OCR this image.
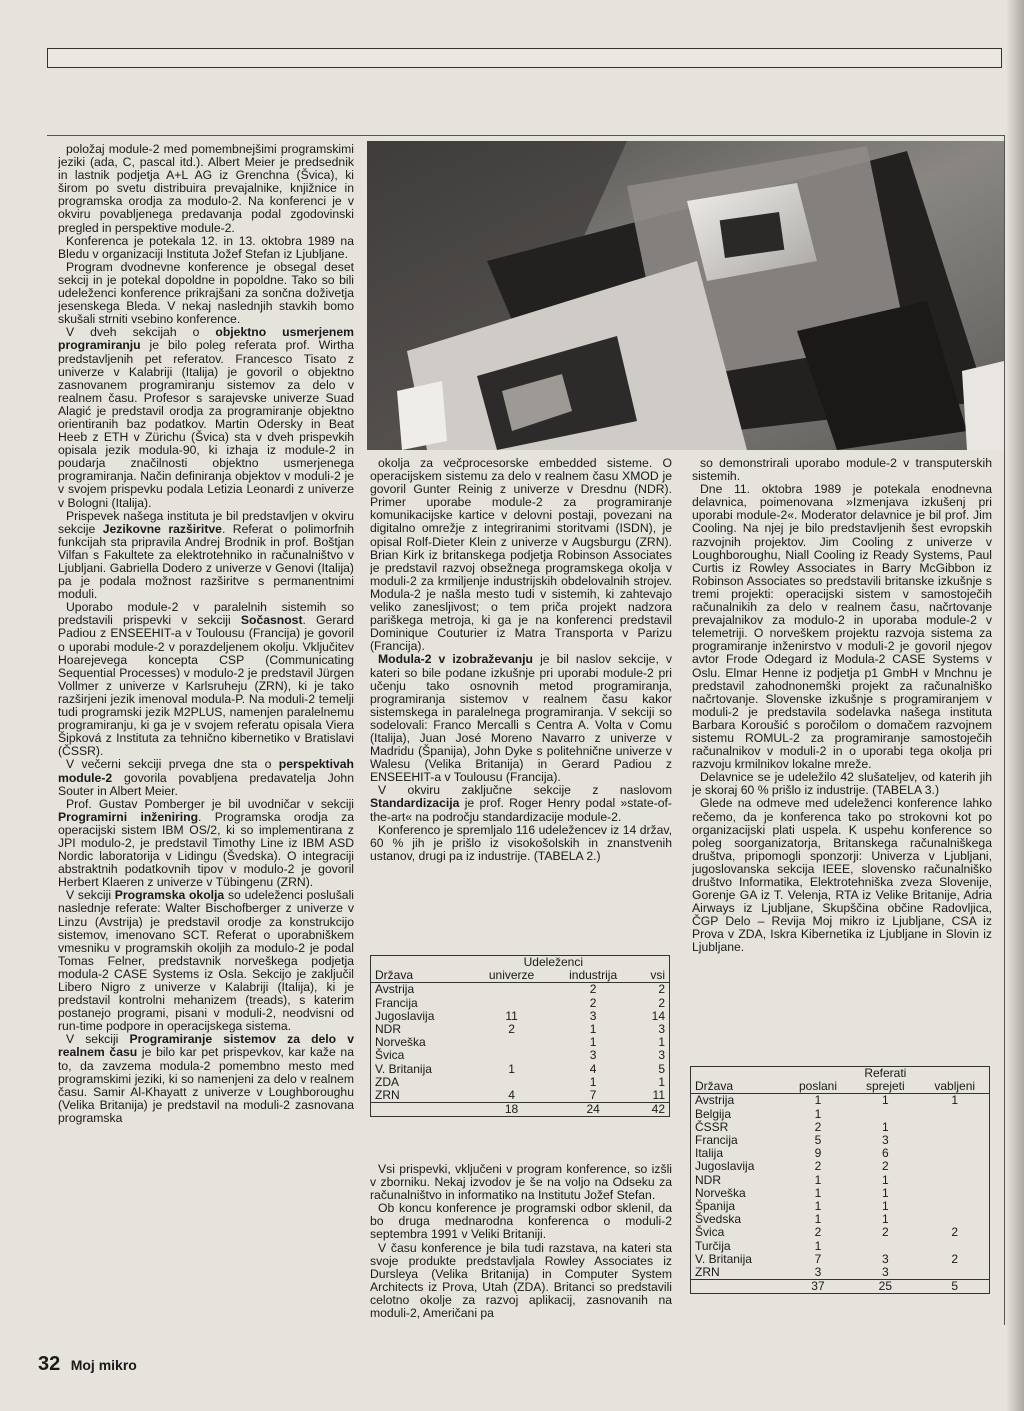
položaj module-2 med pomembnejšimi programskimi jeziki (ada, C, pascal itd.). Albert Meier je predsednik in lastnik podjetja A+L AG iz Grenchna (Švica), ki širom po svetu distribuira prevajalnike, knjižnice in programska orodja za modulo-2. Na konferenci je v okviru povabljenega predavanja podal zgodovinski pregled in perspektive module-2.

Konferenca je potekala 12. in 13. oktobra 1989 na Bledu v organizaciji Instituta Jožef Stefan iz Ljubljane.

Program dvodnevne konference je obsegal deset sekcij in je potekal dopoldne in popoldne. Tako so bili udeleženci konference prikrajšani za sončna doživetja jesenskega Bleda. V nekaj naslednjih stavkih bomo skušali strniti vsebino konference.

V dveh sekcijah o objektno usmerjenem programiranju je bilo poleg referata prof. Wirtha predstavljenih pet referatov. Francesco Tisato z univerze v Kalabriji (Italija) je govoril o objektno zasnovanem programiranju sistemov za delo v realnem času. Profesor s sarajevske univerze Suad Alagić je predstavil orodja za programiranje objektno orientiranih baz podatkov. Martin Odersky in Beat Heeb z ETH v Zürichu (Švica) sta v dveh prispevkih opisala jezik modula-90, ki izhaja iz module-2 in poudarja značilnosti objektno usmerjenega programiranja. Način definiranja objektov v moduli-2 je v svojem prispevku podala Letizia Leonardi z univerze v Bologni (Italija).

Prispevek našega instituta je bil predstavljen v okviru sekcije Jezikovne razširitve. Referat o polimorfnih funkcijah sta pripravila Andrej Brodnik in prof. Boštjan Vilfan s Fakultete za elektrotehniko in računalništvo v Ljubljani. Gabriella Dodero z univerze v Genovi (Italija) pa je podala možnost razširitve s permanentnimi moduli.

Uporabo module-2 v paralelnih sistemih so predstavili prispevki v sekciji Sočasnost. Gerard Padiou z ENSEEHIT-a v Toulousu (Francija) je govoril o uporabi module-2 v porazdeljenem okolju. Vključitev Hoarejevega koncepta CSP (Communicating Sequential Processes) v modulo-2 je predstavil Jürgen Vollmer z univerze v Karlsruheju (ZRN), ki je tako razširjeni jezik imenoval modula-P. Na moduli-2 temelji tudi programski jezik M2PLUS, namenjen paralelnemu programiranju, ki ga je v svojem referatu opisala Viera Šipková z Instituta za tehnično kibernetiko v Bratislavi (ČSSR).

V večerni sekciji prvega dne sta o perspektivah module-2 govorila povabljena predavatelja John Souter in Albert Meier.

Prof. Gustav Pomberger je bil uvodničar v sekciji Programirni inženiring. Programska orodja za operacijski sistem IBM OS/2, ki so implementirana z JPI modulo-2, je predstavil Timothy Line iz IBM ASD Nordic laboratorija v Lidingu (Švedska). O integraciji abstraktnih podatkovnih tipov v modulo-2 je govoril Herbert Klaeren z univerze v Tübingenu (ZRN).

V sekciji Programska okolja so udeleženci poslušali naslednje referate: Walter Bischofberger z univerze v Linzu (Avstrija) je predstavil orodje za konstrukcijo sistemov, imenovano SCT. Referat o uporabniškem vmesniku v programskih okoljih za modulo-2 je podal Tomas Felner, predstavnik norveškega podjetja modula-2 CASE Systems iz Osla. Sekcijo je zaključil Libero Nigro z univerze v Kalabriji (Italija), ki je predstavil kontrolni mehanizem (treads), s katerim postanejo programi, pisani v moduli-2, neodvisni od run-time podpore in operacijskega sistema.

V sekciji Programiranje sistemov za delo v realnem času je bilo kar pet prispevkov, kar kaže na to, da zavzema modula-2 pomembno mesto med programskimi jeziki, ki so namenjeni za delo v realnem času. Samir Al-Khayatt z univerze v Loughboroughu (Velika Britanija) je predstavil na moduli-2 zasnovana programska

okolja za večprocesorske embedded sisteme. O operacijskem sistemu za delo v realnem času XMOD je govoril Gunter Reinig z univerze v Dresdnu (NDR). Primer uporabe module-2 za programiranje komunikacijske kartice v delovni postaji, povezani na digitalno omrežje z integriranimi storitvami (ISDN), je opisal Rolf-Dieter Klein z univerze v Augsburgu (ZRN). Brian Kirk iz britanskega podjetja Robinson Associates je predstavil razvoj obsežnega programskega okolja v moduli-2 za krmiljenje industrijskih obdelovalnih strojev. Modula-2 je našla mesto tudi v sistemih, ki zahtevajo veliko zanesljivost; o tem priča projekt nadzora pariškega metroja, ki ga je na konferenci predstavil Dominique Couturier iz Matra Transporta v Parizu (Francija).

Modula-2 v izobraževanju je bil naslov sekcije, v kateri so bile podane izkušnje pri uporabi module-2 pri učenju tako osnovnih metod programiranja, programiranja sistemov v realnem času kakor sistemskega in paralelnega programiranja. V sekciji so sodelovali: Franco Mercalli s Centra A. Volta v Comu (Italija), Juan José Moreno Navarro z univerze v Madridu (Španija), John Dyke s politehnične univerze v Walesu (Velika Britanija) in Gerard Padiou z ENSEEHIT-a v Toulousu (Francija).

V okviru zaključne sekcije z naslovom Standardizacija je prof. Roger Henry podal »state-of-the-art« na področju standardizacije module-2.

Konferenco je spremljalo 116 udeležencev iz 14 držav, 60 % jih je prišlo iz visokošolskih in znanstvenih ustanov, drugi pa iz industrije. (TABELA 2.)

Država	Udeleženci		
	univerze	industrija	vsi
Avstrija		2	2
Francija		2	2
Jugoslavija	11	3	14
NDR	2	1	3
Norveška		1	1
Švica		3	3
V. Britanija	1	4	5
ZDA		1	1
ZRN	4	7	11
	18	24	42

Vsi prispevki, vključeni v program konference, so izšli v zborniku. Nekaj izvodov je še na voljo na Odseku za računalništvo in informatiko na Institutu Jožef Stefan.

Ob koncu konference je programski odbor sklenil, da bo druga mednarodna konferenca o moduli-2 septembra 1991 v Veliki Britaniji.

V času konference je bila tudi razstava, na kateri sta svoje produkte predstavljala Rowley Associates iz Dursleya (Velika Britanija) in Computer System Architects iz Prova, Utah (ZDA). Britanci so predstavili celotno okolje za razvoj aplikacij, zasnovanih na moduli-2, Američani pa

so demonstrirali uporabo module-2 v transputerskih sistemih.

Dne 11. oktobra 1989 je potekala enodnevna delavnica, poimenovana »Izmenjava izkušenj pri uporabi module-2«. Moderator delavnice je bil prof. Jim Cooling. Na njej je bilo predstavljenih šest evropskih razvojnih projektov. Jim Cooling z univerze v Loughboroughu, Niall Cooling iz Ready Systems, Paul Curtis iz Rowley Associates in Barry McGibbon iz Robinson Associates so predstavili britanske izkušnje s tremi projekti: operacijski sistem v samostoječih računalnikih za delo v realnem času, načrtovanje prevajalnikov za modulo-2 in uporaba module-2 v telemetriji. O norveškem projektu razvoja sistema za programiranje inženirstvo v moduli-2 je govoril njegov avtor Frode Odegard iz Modula-2 CASE Systems v Oslu. Elmar Henne iz podjetja p1 GmbH v Mnchnu je predstavil zahodnonemški projekt za računalniško načrtovanje. Slovenske izkušnje s programiranjem v moduli-2 je predstavila sodelavka našega instituta Barbara Koroušić s poročilom o domačem razvojnem sistemu ROMUL-2 za programiranje samostoječih računalnikov v moduli-2 in o uporabi tega okolja pri razvoju krmilnikov lokalne mreže.

Delavnice se je udeležilo 42 slušateljev, od katerih jih je skoraj 60 % prišlo iz industrije. (TABELA 3.)

Glede na odmeve med udeleženci konference lahko rečemo, da je konferenca tako po strokovni kot po organizacijski plati uspela. K uspehu konference so poleg soorganizatorja, Britanskega računalniškega društva, pripomogli sponzorji: Univerza v Ljubljani, jugoslovanska sekcija IEEE, slovensko računalniško društvo Informatika, Elektrotehniška zveza Slovenije, Gorenje GA iz T. Velenja, RTA iz Velike Britanije, Adria Airways iz Ljubljane, Skupščina občine Radovljica, ČGP Delo – Revija Moj mikro iz Ljubljane, CSA iz Prova v ZDA, Iskra Kibernetika iz Ljubljane in Slovin iz Ljubljane.

Država		Referati	
	poslani	sprejeti	vabljeni
Avstrija	1	1	1
Belgija	1		
ČSSR	2	1	
Francija	5	3	
Italija	9	6	
Jugoslavija	2	2	
NDR	1	1	
Norveška	1	1	
Španija	1	1	
Švedska	1	1	
Švica	2	2	2
Turčija	1		
V. Britanija	7	3	2
ZRN	3	3	
	37	25	5
32 Moj mikro
